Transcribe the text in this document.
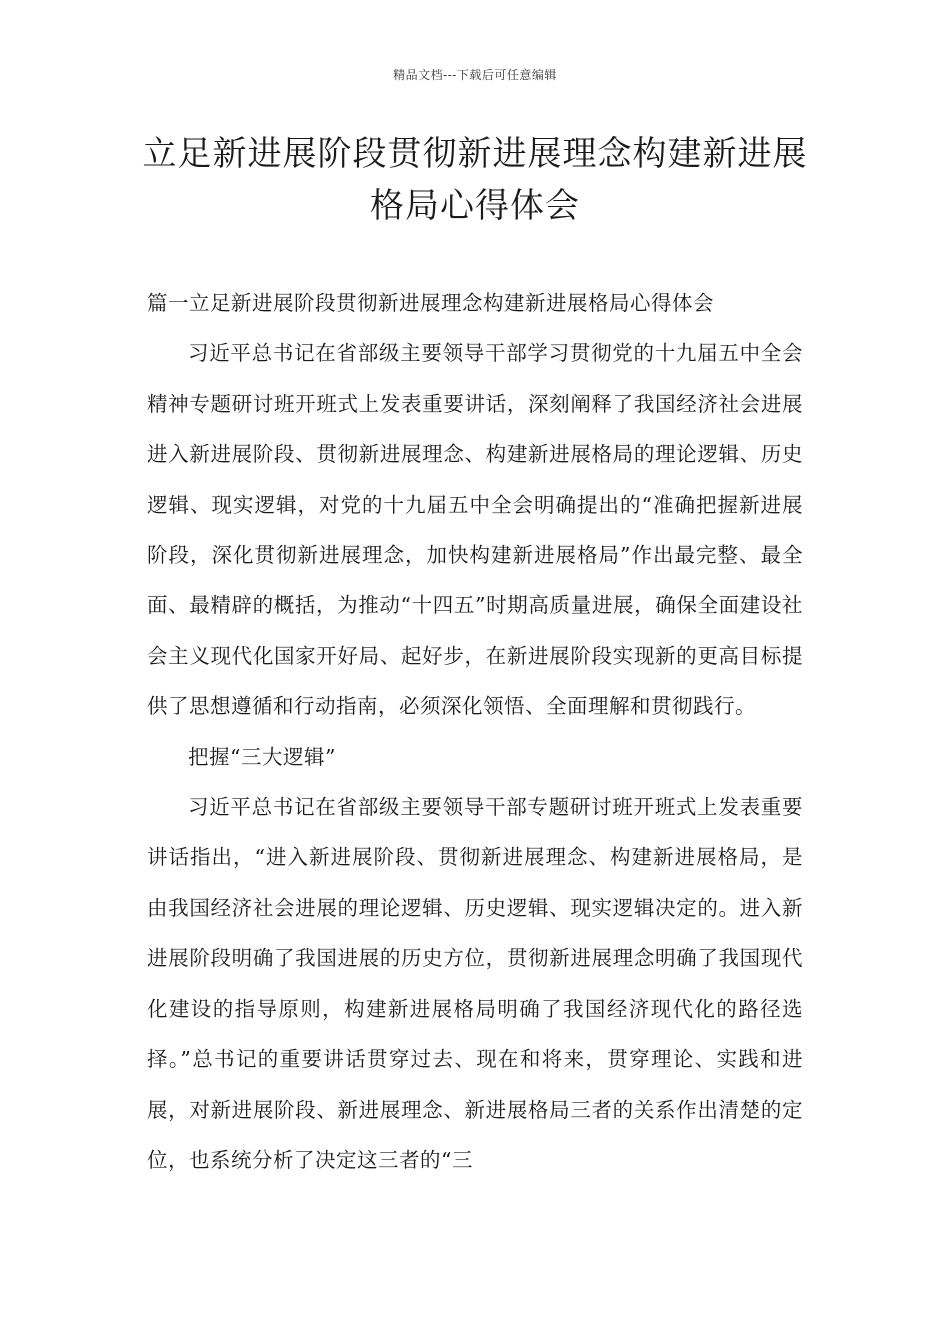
精品文档---下载后可任意编辑
立足新进展阶段贯彻新进展理念构建新进展格局心得体会

篇一立足新进展阶段贯彻新进展理念构建新进展格局心得体会

习近平总书记在省部级主要领导干部学习贯彻党的十九届五中全会精神专题研讨班开班式上发表重要讲话，深刻阐释了我国经济社会进展进入新进展阶段、贯彻新进展理念、构建新进展格局的理论逻辑、历史逻辑、现实逻辑，对党的十九届五中全会明确提出的“准确把握新进展阶段，深化贯彻新进展理念，加快构建新进展格局”作出最完整、最全面、最精辟的概括，为推动“十四五”时期高质量进展，确保全面建设社会主义现代化国家开好局、起好步，在新进展阶段实现新的更高目标提供了思想遵循和行动指南，必须深化领悟、全面理解和贯彻践行。

把握“三大逻辑”

习近平总书记在省部级主要领导干部专题研讨班开班式上发表重要讲话指出，“进入新进展阶段、贯彻新进展理念、构建新进展格局，是由我国经济社会进展的理论逻辑、历史逻辑、现实逻辑决定的。进入新进展阶段明确了我国进展的历史方位，贯彻新进展理念明确了我国现代化建设的指导原则，构建新进展格局明确了我国经济现代化的路径选择。”总书记的重要讲话贯穿过去、现在和将来，贯穿理论、实践和进展，对新进展阶段、新进展理念、新进展格局三者的关系作出清楚的定位，也系统分析了决定这三者的“三
